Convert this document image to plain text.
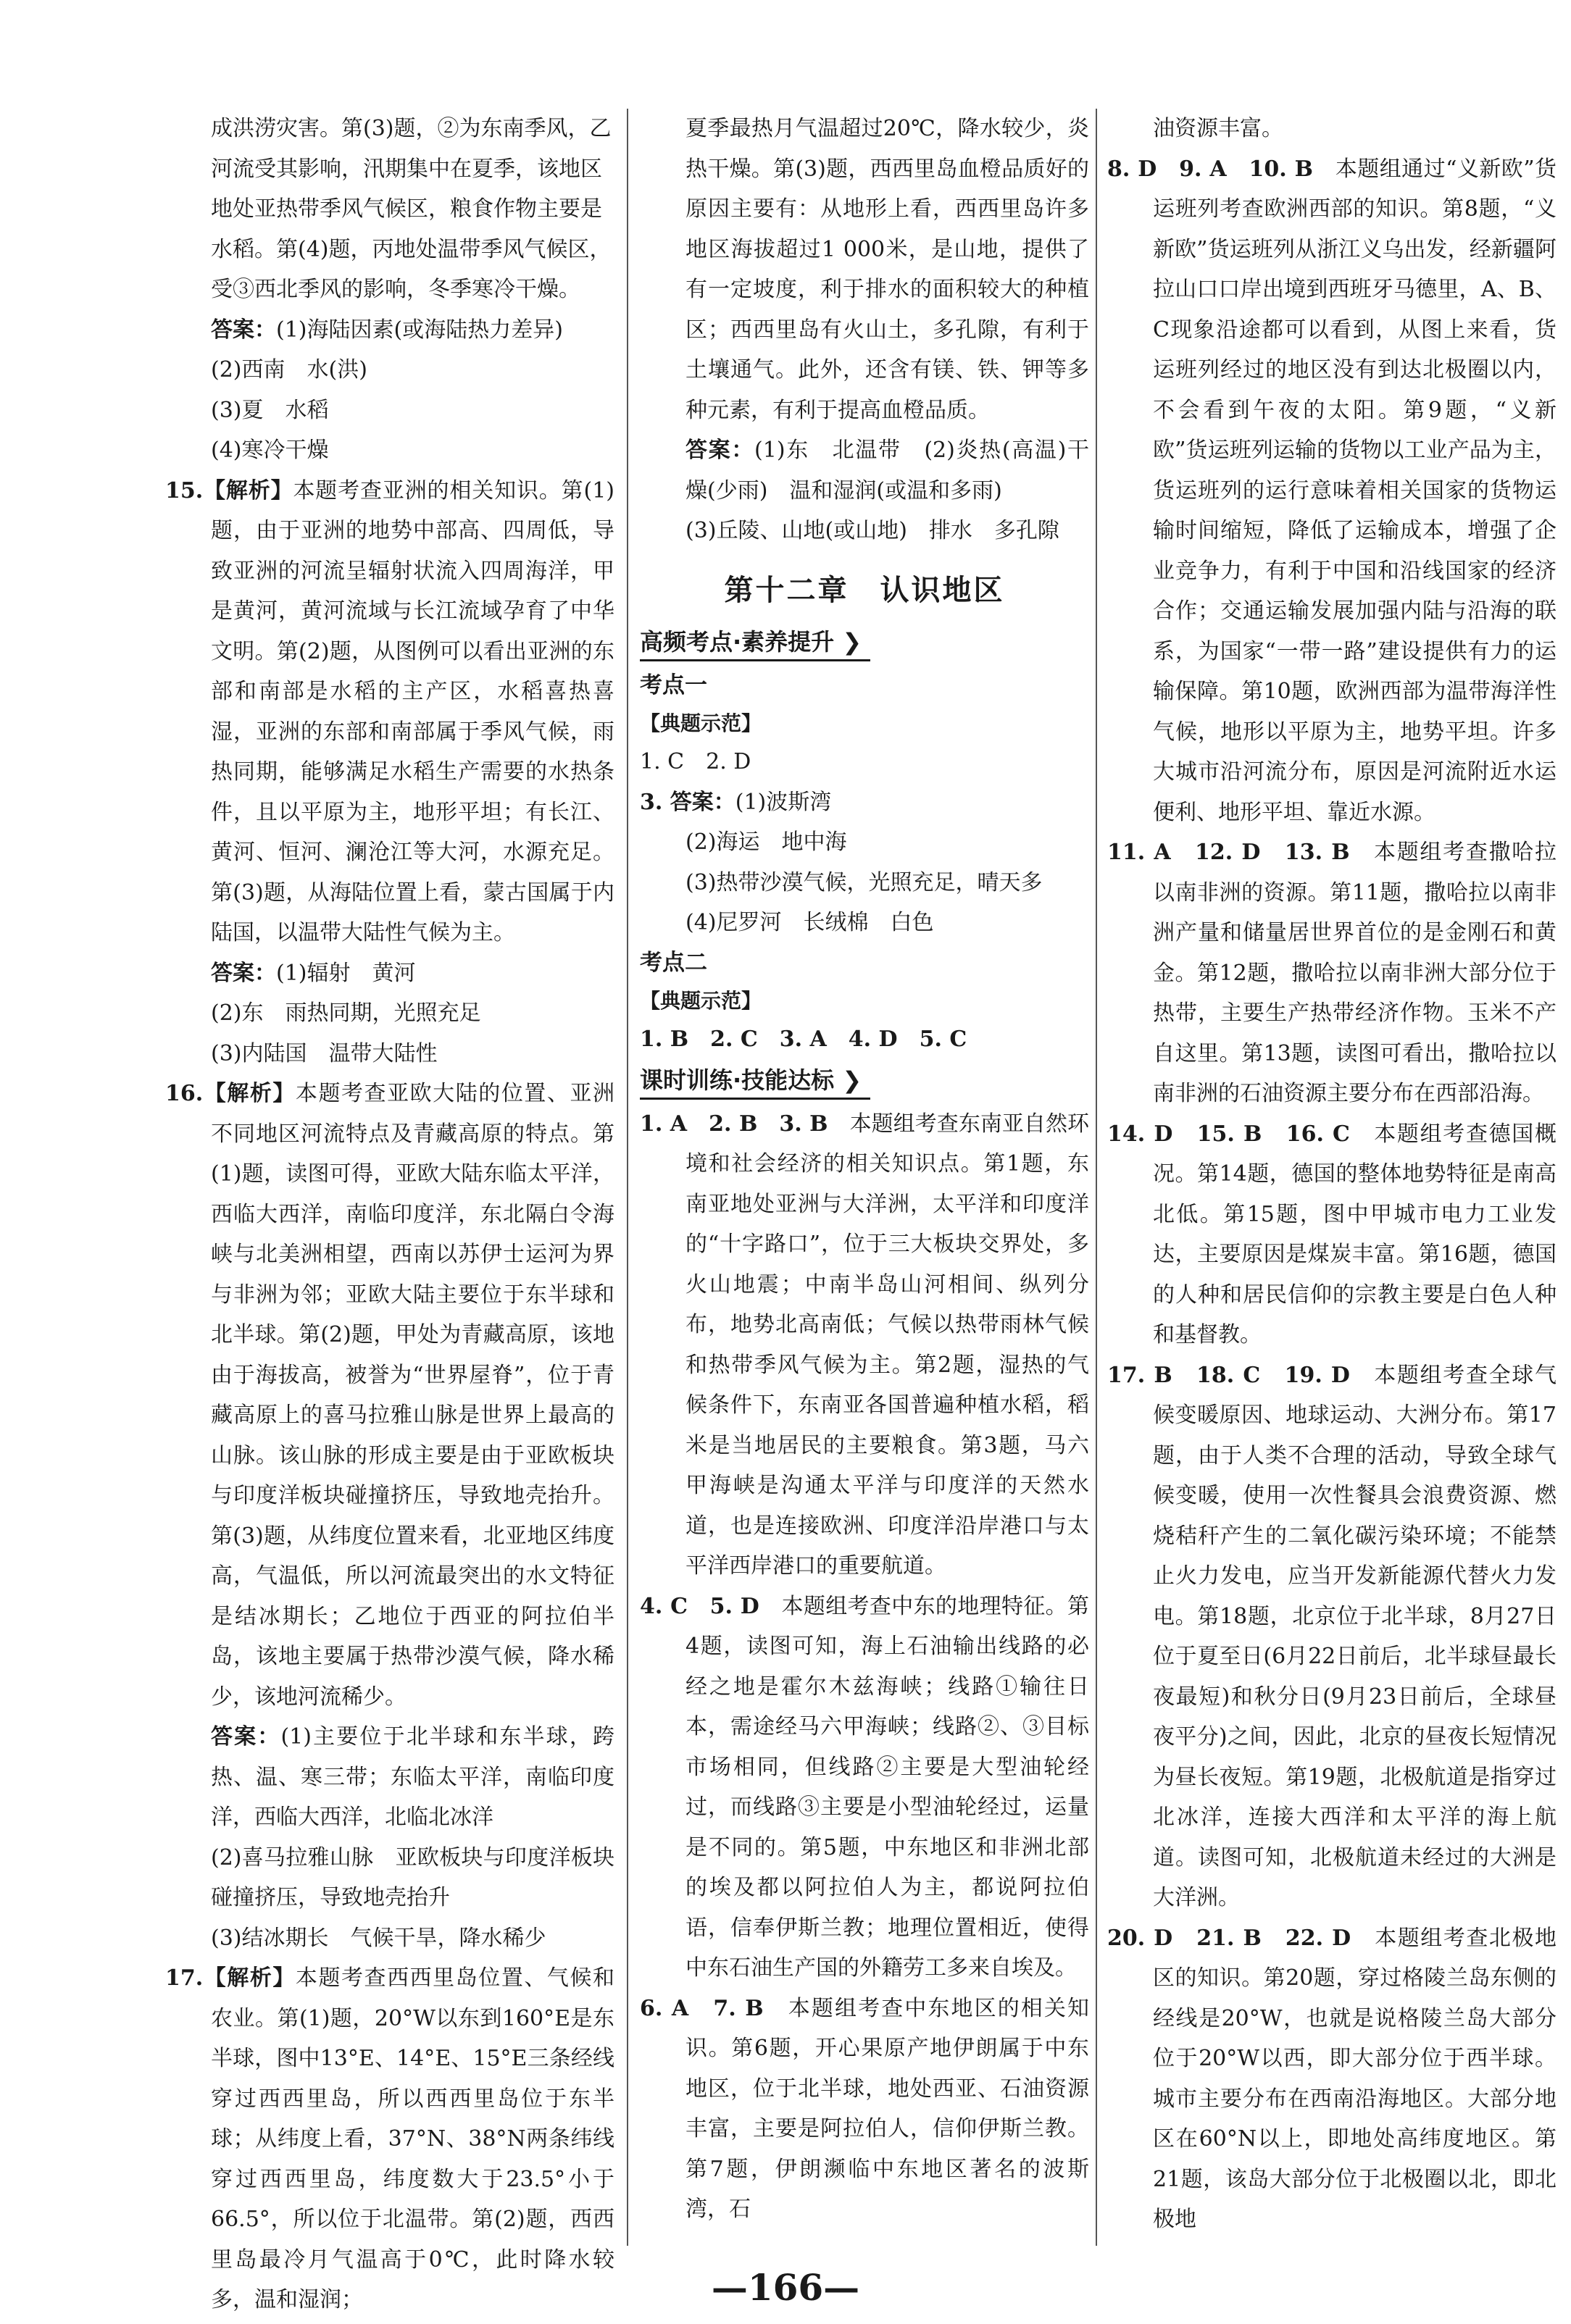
成洪涝灾害。第(3)题，②为东南季风，乙

河流受其影响，汛期集中在夏季，该地区

地处亚热带季风气候区，粮食作物主要是

水稻。第(4)题，丙地处温带季风气候区，

受③西北季风的影响，冬季寒冷干燥。

答案：(1)海陆因素(或海陆热力差异)

(2)西南　水(洪)

(3)夏　水稻

(4)寒冷干燥

15.【解析】本题考查亚洲的相关知识。第(1)题，由于亚洲的地势中部高、四周低，导致亚洲的河流呈辐射状流入四周海洋，甲是黄河，黄河流域与长江流域孕育了中华文明。第(2)题，从图例可以看出亚洲的东部和南部是水稻的主产区，水稻喜热喜湿，亚洲的东部和南部属于季风气候，雨热同期，能够满足水稻生产需要的水热条件，且以平原为主，地形平坦；有长江、黄河、恒河、澜沧江等大河，水源充足。第(3)题，从海陆位置上看，蒙古国属于内陆国，以温带大陆性气候为主。

答案：(1)辐射　黄河

(2)东　雨热同期，光照充足

(3)内陆国　温带大陆性

16.【解析】本题考查亚欧大陆的位置、亚洲不同地区河流特点及青藏高原的特点。第(1)题，读图可得，亚欧大陆东临太平洋，西临大西洋，南临印度洋，东北隔白令海峡与北美洲相望，西南以苏伊士运河为界与非洲为邻；亚欧大陆主要位于东半球和北半球。第(2)题，甲处为青藏高原，该地由于海拔高，被誉为“世界屋脊”，位于青藏高原上的喜马拉雅山脉是世界上最高的山脉。该山脉的形成主要是由于亚欧板块与印度洋板块碰撞挤压，导致地壳抬升。第(3)题，从纬度位置来看，北亚地区纬度高，气温低，所以河流最突出的水文特征是结冰期长；乙地位于西亚的阿拉伯半岛，该地主要属于热带沙漠气候，降水稀少，该地河流稀少。

答案：(1)主要位于北半球和东半球，跨热、温、寒三带；东临太平洋，南临印度洋，西临大西洋，北临北冰洋

(2)喜马拉雅山脉　亚欧板块与印度洋板块碰撞挤压，导致地壳抬升

(3)结冰期长　气候干旱，降水稀少

17.【解析】本题考查西西里岛位置、气候和农业。第(1)题，20°W以东到160°E是东半球，图中13°E、14°E、15°E三条经线穿过西西里岛，所以西西里岛位于东半球；从纬度上看，37°N、38°N两条纬线穿过西西里岛，纬度数大于23.5°小于66.5°，所以位于北温带。第(2)题，西西里岛最冷月气温高于0℃，此时降水较多，温和湿润；

夏季最热月气温超过20℃，降水较少，炎热干燥。第(3)题，西西里岛血橙品质好的原因主要有：从地形上看，西西里岛许多地区海拔超过1 000米，是山地，提供了有一定坡度，利于排水的面积较大的种植区；西西里岛有火山土，多孔隙，有利于土壤通气。此外，还含有镁、铁、钾等多种元素，有利于提高血橙品质。

答案：(1)东　北温带　(2)炎热(高温)干燥(少雨)　温和湿润(或温和多雨)

(3)丘陵、山地(或山地)　排水　多孔隙

第十二章　认识地区
高频考点·素养提升 ❯

考点一

【典题示范】

1. C　2. D

3. 答案：(1)波斯湾

(2)海运　地中海

(3)热带沙漠气候，光照充足，晴天多

(4)尼罗河　长绒棉　白色

考点二

【典题示范】

1. B　2. C　3. A　4. D　5. C

课时训练·技能达标 ❯

1. A　2. B　3. B　本题组考查东南亚自然环境和社会经济的相关知识点。第1题，东南亚地处亚洲与大洋洲，太平洋和印度洋的“十字路口”，位于三大板块交界处，多火山地震；中南半岛山河相间、纵列分布，地势北高南低；气候以热带雨林气候和热带季风气候为主。第2题，湿热的气候条件下，东南亚各国普遍种植水稻，稻米是当地居民的主要粮食。第3题，马六甲海峡是沟通太平洋与印度洋的天然水道，也是连接欧洲、印度洋沿岸港口与太平洋西岸港口的重要航道。

4. C　5. D　本题组考查中东的地理特征。第4题，读图可知，海上石油输出线路的必经之地是霍尔木兹海峡；线路①输往日本，需途经马六甲海峡；线路②、③目标市场相同，但线路②主要是大型油轮经过，而线路③主要是小型油轮经过，运量是不同的。第5题，中东地区和非洲北部的埃及都以阿拉伯人为主，都说阿拉伯语，信奉伊斯兰教；地理位置相近，使得中东石油生产国的外籍劳工多来自埃及。

6. A　7. B　本题组考查中东地区的相关知识。第6题，开心果原产地伊朗属于中东地区，位于北半球，地处西亚、石油资源丰富，主要是阿拉伯人，信仰伊斯兰教。第7题，伊朗濒临中东地区著名的波斯湾，石

油资源丰富。

8. D　9. A　10. B　本题组通过“义新欧”货运班列考查欧洲西部的知识。第8题，“义新欧”货运班列从浙江义乌出发，经新疆阿拉山口口岸出境到西班牙马德里，A、B、C现象沿途都可以看到，从图上来看，货运班列经过的地区没有到达北极圈以内，不会看到午夜的太阳。第9题，“义新欧”货运班列运输的货物以工业产品为主，货运班列的运行意味着相关国家的货物运输时间缩短，降低了运输成本，增强了企业竞争力，有利于中国和沿线国家的经济合作；交通运输发展加强内陆与沿海的联系，为国家“一带一路”建设提供有力的运输保障。第10题，欧洲西部为温带海洋性气候，地形以平原为主，地势平坦。许多大城市沿河流分布，原因是河流附近水运便利、地形平坦、靠近水源。

11. A　12. D　13. B　本题组考查撒哈拉以南非洲的资源。第11题，撒哈拉以南非洲产量和储量居世界首位的是金刚石和黄金。第12题，撒哈拉以南非洲大部分位于热带，主要生产热带经济作物。玉米不产自这里。第13题，读图可看出，撒哈拉以南非洲的石油资源主要分布在西部沿海。

14. D　15. B　16. C　本题组考查德国概况。第14题，德国的整体地势特征是南高北低。第15题，图中甲城市电力工业发达，主要原因是煤炭丰富。第16题，德国的人种和居民信仰的宗教主要是白色人种和基督教。

17. B　18. C　19. D　本题组考查全球气候变暖原因、地球运动、大洲分布。第17题，由于人类不合理的活动，导致全球气候变暖，使用一次性餐具会浪费资源、燃烧秸秆产生的二氧化碳污染环境；不能禁止火力发电，应当开发新能源代替火力发电。第18题，北京位于北半球，8月27日位于夏至日(6月22日前后，北半球昼最长夜最短)和秋分日(9月23日前后，全球昼夜平分)之间，因此，北京的昼夜长短情况为昼长夜短。第19题，北极航道是指穿过北冰洋，连接大西洋和太平洋的海上航道。读图可知，北极航道未经过的大洲是大洋洲。

20. D　21. B　22. D　本题组考查北极地区的知识。第20题，穿过格陵兰岛东侧的经线是20°W，也就是说格陵兰岛大部分位于20°W以西，即大部分位于西半球。城市主要分布在西南沿海地区。大部分地区在60°N以上，即地处高纬度地区。第21题，该岛大部分位于北极圈以北，即北极地

—166—
